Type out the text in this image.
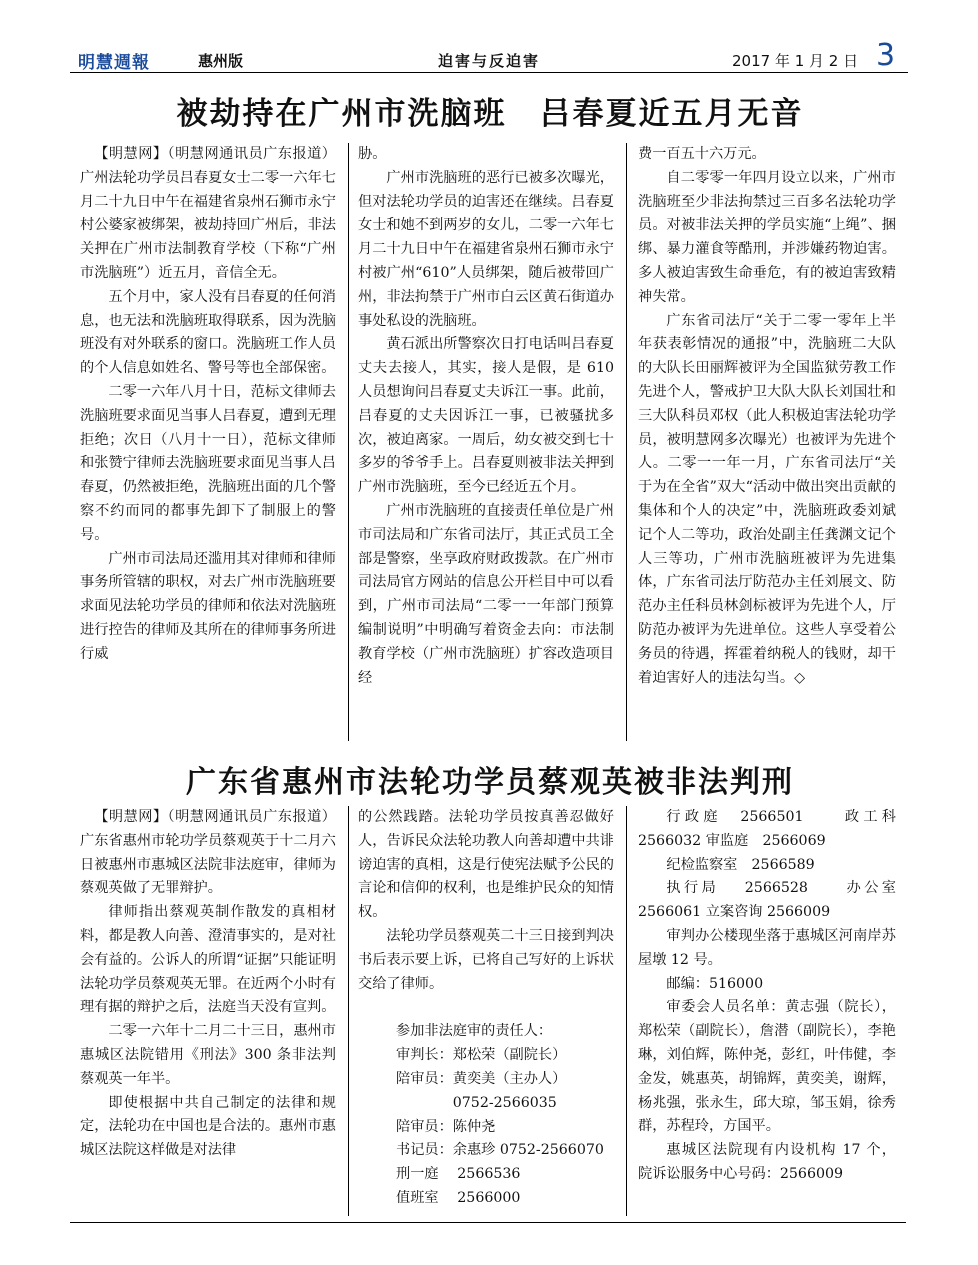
明慧週報	惠州版	迫害与反迫害	2017 年 1 月 2 日 3
被劫持在广州市洗脑班　吕春夏近五月无音

【明慧网】（明慧网通讯员广东报道）广州法轮功学员吕春夏女士二零一六年七月二十九日中午在福建省泉州石狮市永宁村公婆家被绑架，被劫持回广州后，非法关押在广州市法制教育学校（下称“广州市洗脑班”）近五月，音信全无。

五个月中，家人没有吕春夏的任何消息，也无法和洗脑班取得联系，因为洗脑班没有对外联系的窗口。洗脑班工作人员的个人信息如姓名、警号等也全部保密。

二零一六年八月十日，范标文律师去洗脑班要求面见当事人吕春夏，遭到无理拒绝；次日（八月十一日），范标文律师和张赞宁律师去洗脑班要求面见当事人吕春夏，仍然被拒绝，洗脑班出面的几个警察不约而同的都事先卸下了制服上的警号。

广州市司法局还滥用其对律师和律师事务所管辖的职权，对去广州市洗脑班要求面见法轮功学员的律师和依法对洗脑班进行控告的律师及其所在的律师事务所进行威

胁。

广州市洗脑班的恶行已被多次曝光，但对法轮功学员的迫害还在继续。吕春夏女士和她不到两岁的女儿，二零一六年七月二十九日中午在福建省泉州石狮市永宁村被广州“610”人员绑架，随后被带回广州，非法拘禁于广州市白云区黄石街道办事处私设的洗脑班。

黄石派出所警察次日打电话叫吕春夏丈夫去接人，其实，接人是假，是 610 人员想询问吕春夏丈夫诉江一事。此前，吕春夏的丈夫因诉江一事，已被骚扰多次，被迫离家。一周后，幼女被交到七十多岁的爷爷手上。吕春夏则被非法关押到广州市洗脑班，至今已经近五个月。

广州市洗脑班的直接责任单位是广州市司法局和广东省司法厅，其正式员工全部是警察，坐享政府财政拨款。在广州市司法局官方网站的信息公开栏目中可以看到，广州市司法局“二零一一年部门预算编制说明”中明确写着资金去向：市法制教育学校（广州市洗脑班）扩容改造项目经

费一百五十六万元。

自二零零一年四月设立以来，广州市洗脑班至少非法拘禁过三百多名法轮功学员。对被非法关押的学员实施“上绳”、捆绑、暴力灌食等酷刑，并涉嫌药物迫害。多人被迫害致生命垂危，有的被迫害致精神失常。

广东省司法厅“关于二零一零年上半年获表彰情况的通报”中，洗脑班二大队的大队长田丽辉被评为全国监狱劳教工作先进个人，警戒护卫大队大队长刘国壮和三大队科员邓权（此人积极迫害法轮功学员，被明慧网多次曝光）也被评为先进个人。二零一一年一月，广东省司法厅“关于为在全省”双大“活动中做出突出贡献的集体和个人的决定”中，洗脑班政委刘斌记个人二等功，政治处副主任龚渊文记个人三等功，广州市洗脑班被评为先进集体，广东省司法厅防范办主任刘展文、防范办主任科员林剑标被评为先进个人，厅防范办被评为先进单位。这些人享受着公务员的待遇，挥霍着纳税人的钱财，却干着迫害好人的违法勾当。◇

广东省惠州市法轮功学员蔡观英被非法判刑

【明慧网】（明慧网通讯员广东报道）广东省惠州市轮功学员蔡观英于十二月六日被惠州市惠城区法院非法庭审，律师为蔡观英做了无罪辩护。

律师指出蔡观英制作散发的真相材料，都是教人向善、澄清事实的，是对社会有益的。公诉人的所谓“证据”只能证明法轮功学员蔡观英无罪。在近两个小时有理有据的辩护之后，法庭当天没有宣判。

二零一六年十二月二十三日，惠州市惠城区法院错用《刑法》300 条非法判蔡观英一年半。

即使根据中共自己制定的法律和规定，法轮功在中国也是合法的。惠州市惠城区法院这样做是对法律

的公然践踏。法轮功学员按真善忍做好人，告诉民众法轮功教人向善却遭中共诽谤迫害的真相，这是行使宪法赋予公民的言论和信仰的权利，也是维护民众的知情权。

法轮功学员蔡观英二十三日接到判决书后表示要上诉，已将自己写好的上诉状交给了律师。

参加非法庭审的责任人：

审判长：郑松荣（副院长）
陪审员：黄奕美（主办人）
　　　　0752-2566035
陪审员：陈仲尧
书记员：余惠珍 0752-2566070
刑一庭　 2566536
值班室　 2566000

行政庭　2566501　　政工科 2566032 审监庭　2566069

纪检监察室　2566589

执行局　 2566528　　办公室 2566061 立案咨询 2566009

审判办公楼现坐落于惠城区河南岸苏屋墩 12 号。

邮编：516000

审委会人员名单：黄志强（院长），郑松荣（副院长），詹潜（副院长），李艳琳，刘伯辉，陈仲尧，彭红，叶伟健，李金发，姚惠英，胡锦辉，黄奕美，谢辉，杨兆强，张永生，邱大琼，邹玉娟，徐秀群，苏程玲，方国平。

惠城区法院现有内设机构 17 个， 院诉讼服务中心号码：2566009
